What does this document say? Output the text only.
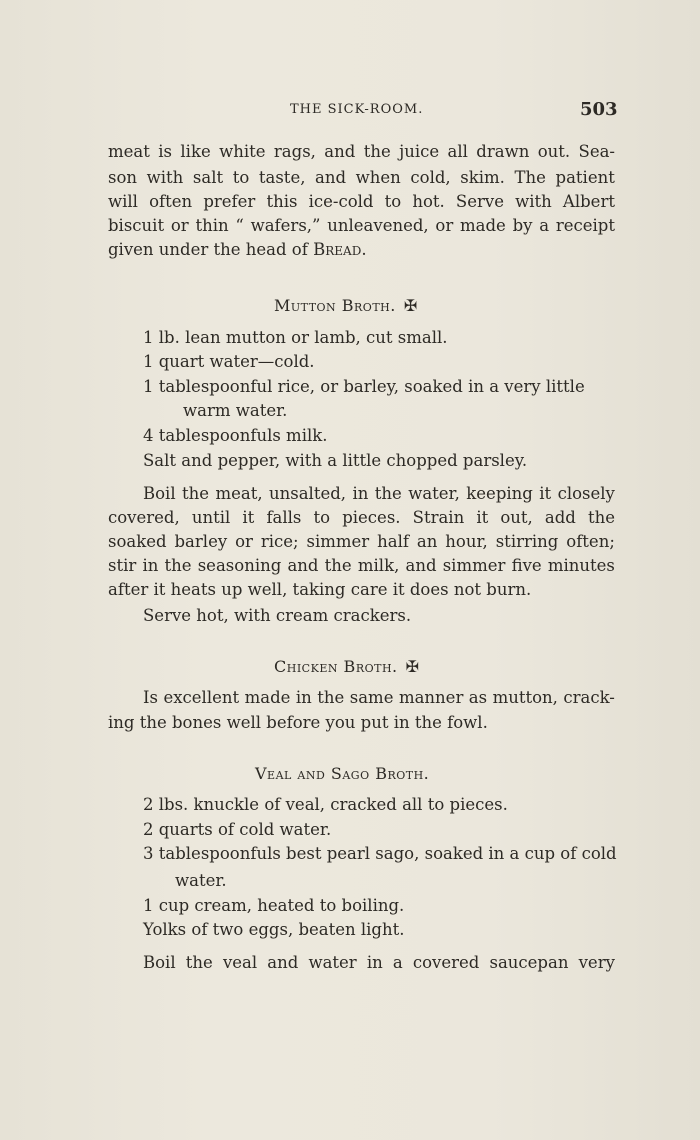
THE SICK-ROOM.	503
meat is like white rags, and the juice all drawn out. Sea-
son with salt to taste, and when cold, skim. The patient
will often prefer this ice-cold to hot. Serve with Albert
biscuit or thin “ wafers,” unleavened, or made by a receipt
given under the head of Bread.
Mutton Broth. ✠
1 lb. lean mutton or lamb, cut small.
1 quart water—cold.
1 tablespoonful rice, or barley, soaked in a very little
warm water.
4 tablespoonfuls milk.
Salt and pepper, with a little chopped parsley.
Boil the meat, unsalted, in the water, keeping it closely
covered, until it falls to pieces. Strain it out, add the
soaked barley or rice; simmer half an hour, stirring often;
stir in the seasoning and the milk, and simmer five minutes
after it heats up well, taking care it does not burn.
Serve hot, with cream crackers.
Chicken Broth. ✠
Is excellent made in the same manner as mutton, crack-
ing the bones well before you put in the fowl.
Veal and Sago Broth.
2 lbs. knuckle of veal, cracked all to pieces.
2 quarts of cold water.
3 tablespoonfuls best pearl sago, soaked in a cup of cold
water.
1 cup cream, heated to boiling.
Yolks of two eggs, beaten light.
Boil the veal and water in a covered saucepan very
